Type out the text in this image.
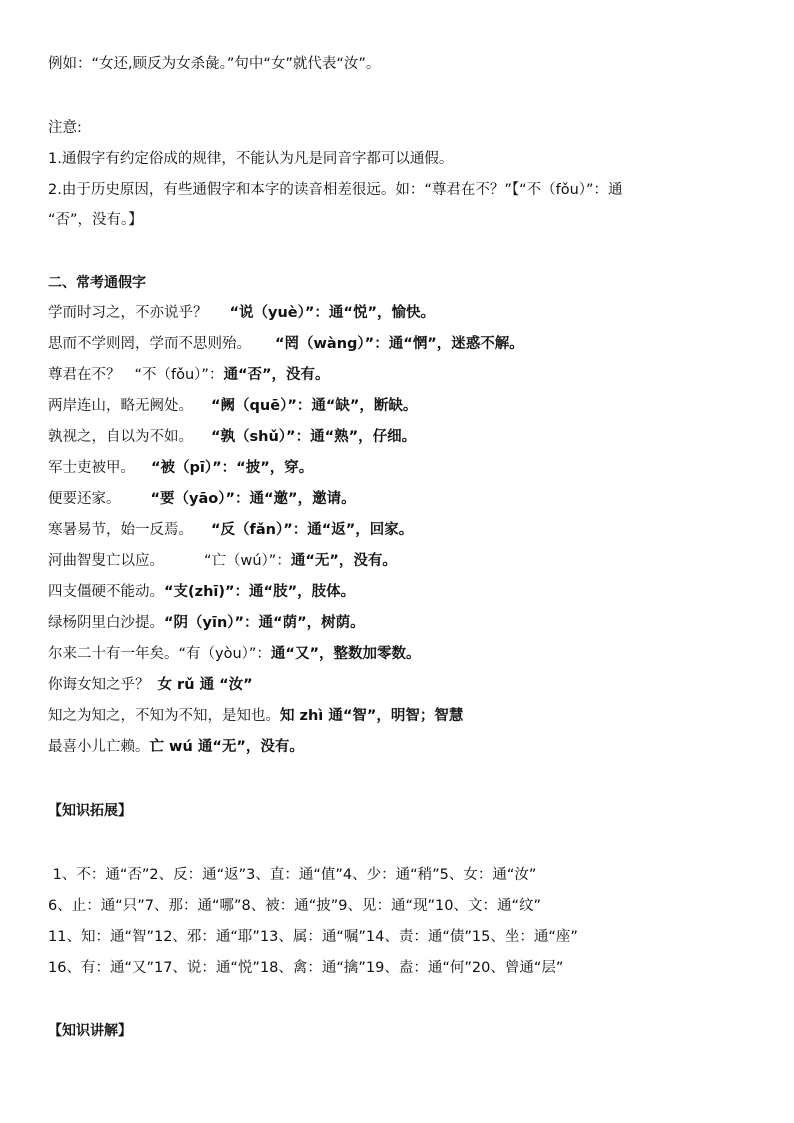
例如：“女还,顾反为女杀彘。”句中“女”就代表“汝”。
注意:
1.通假字有约定俗成的规律，不能认为凡是同音字都可以通假。
2.由于历史原因，有些通假字和本字的读音相差很远。如：“尊君在不？”【“不（fǒu）”：通
“否”，没有。】
二、常考通假字
学而时习之，不亦说乎？ “说（yuè）”：通“悦”，愉快。
思而不学则罔，学而不思则殆。 “罔（wàng）”：通“惘”，迷惑不解。
尊君在不？ “不（fǒu）”：通“否”，没有。
两岸连山，略无阙处。 “阙（quē）”：通“缺”，断缺。
孰视之，自以为不如。 “孰（shǔ）”：通“熟”，仔细。
军士吏被甲。 “被（pī）”：“披”，穿。
便要还家。 “要（yāo）”：通“邀”，邀请。
寒暑易节，始一反焉。 “反（fǎn）”：通“返”，回家。
河曲智叟亡以应。	“亡（wú）”：通“无”，没有。
四支僵硬不能动。“支(zhī)”：通“肢”，肢体。
绿杨阴里白沙提。“阴（yīn）”：通“荫”，树荫。
尔来二十有一年矣。“有（yòu）”：通“又”，整数加零数。
你诲女知之乎？ 女 rǔ 通 “汝”
知之为知之，不知为不知，是知也。知 zhì 通“智”，明智；智慧
最喜小儿亡赖。亡 wú 通“无”，没有。
【知识拓展】
1、不：通“否”2、反：通“返”3、直：通“值”4、少：通“稍”5、女：通“汝”
6、止：通“只”7、那：通“哪”8、被：通“披”9、见：通“现”10、文：通“纹”
11、知：通“智”12、邪：通“耶”13、属：通“嘱”14、责：通“债”15、坐：通“座”
16、有：通“又”17、说：通“悦”18、禽：通“擒”19、盍：通“何”20、曾通“层”
【知识讲解】
